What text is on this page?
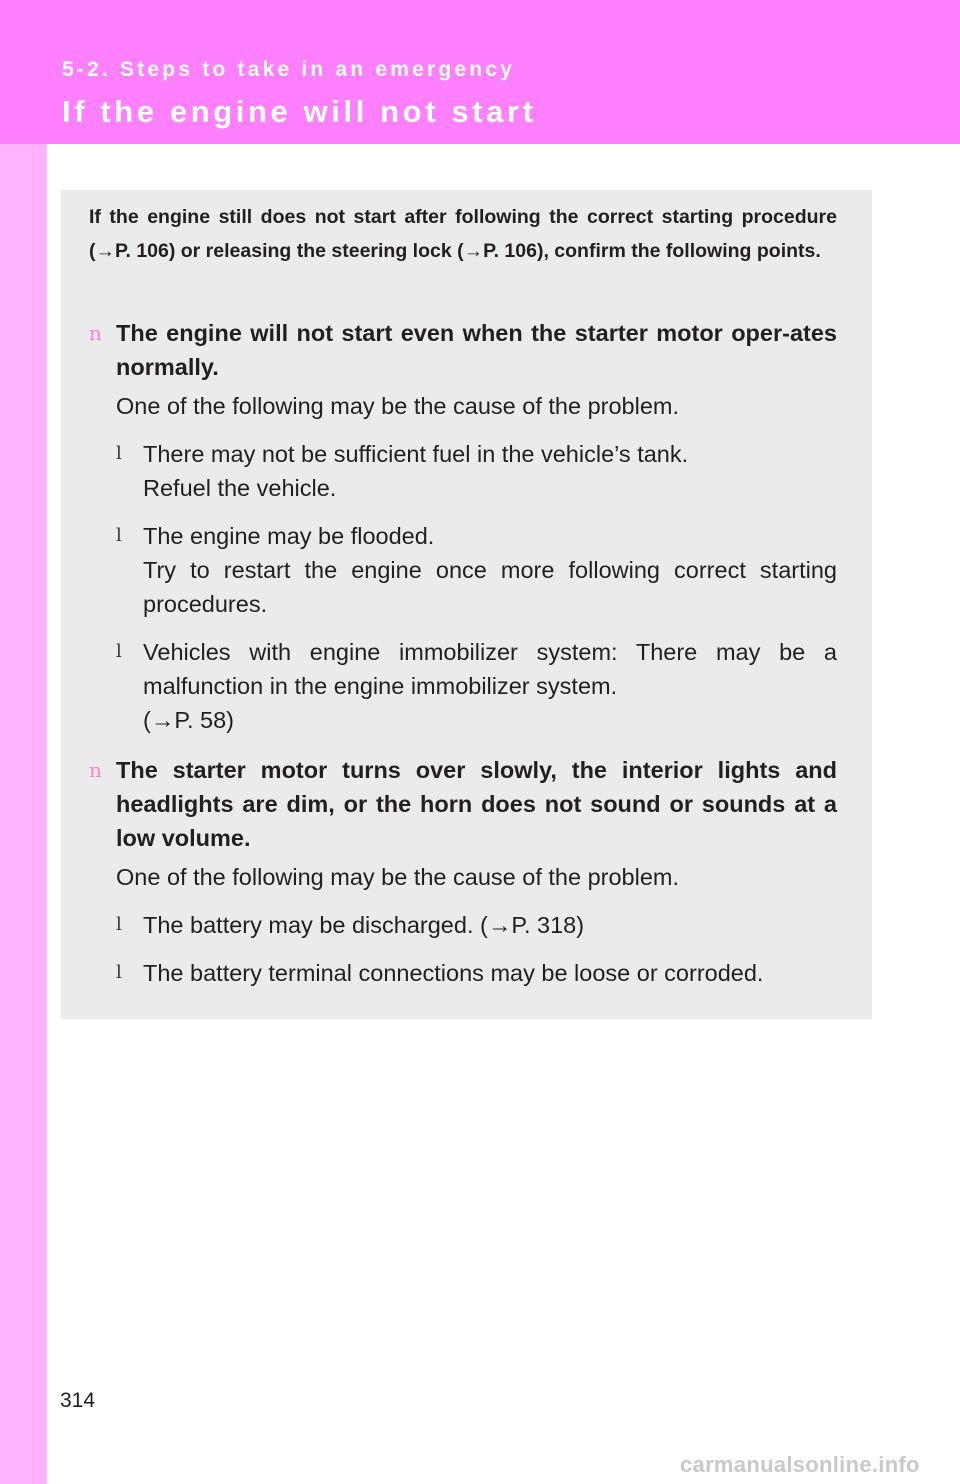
5-2. Steps to take in an emergency
If the engine will not start
If the engine still does not start after following the correct starting procedure (→P. 106) or releasing the steering lock (→P. 106), confirm the following points.
n The engine will not start even when the starter motor oper-ates normally.
One of the following may be the cause of the problem.
l There may not be sufficient fuel in the vehicle’s tank.
Refuel the vehicle.
l The engine may be flooded.
Try to restart the engine once more following correct starting procedures.
l Vehicles with engine immobilizer system: There may be a malfunction in the engine immobilizer system.
(→P. 58)
n The starter motor turns over slowly, the interior lights and headlights are dim, or the horn does not sound or sounds at a low volume.
One of the following may be the cause of the problem.
l The battery may be discharged. (→P. 318)
l The battery terminal connections may be loose or corroded.
314
carmanualsonline.info
